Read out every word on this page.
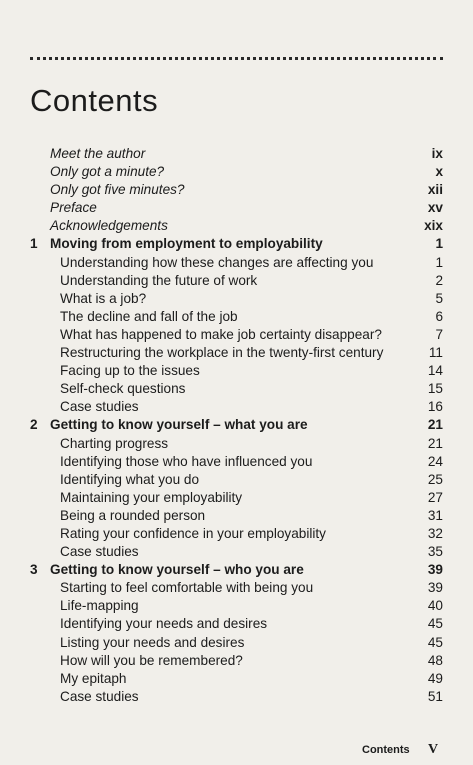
Contents
Meet the author	ix
Only got a minute?	x
Only got five minutes?	xii
Preface	xv
Acknowledgements	xix
1 Moving from employment to employability	1
Understanding how these changes are affecting you	1
Understanding the future of work	2
What is a job?	5
The decline and fall of the job	6
What has happened to make job certainty disappear?	7
Restructuring the workplace in the twenty-first century	11
Facing up to the issues	14
Self-check questions	15
Case studies	16
2 Getting to know yourself – what you are	21
Charting progress	21
Identifying those who have influenced you	24
Identifying what you do	25
Maintaining your employability	27
Being a rounded person	31
Rating your confidence in your employability	32
Case studies	35
3 Getting to know yourself – who you are	39
Starting to feel comfortable with being you	39
Life-mapping	40
Identifying your needs and desires	45
Listing your needs and desires	45
How will you be remembered?	48
My epitaph	49
Case studies	51
Contents V
